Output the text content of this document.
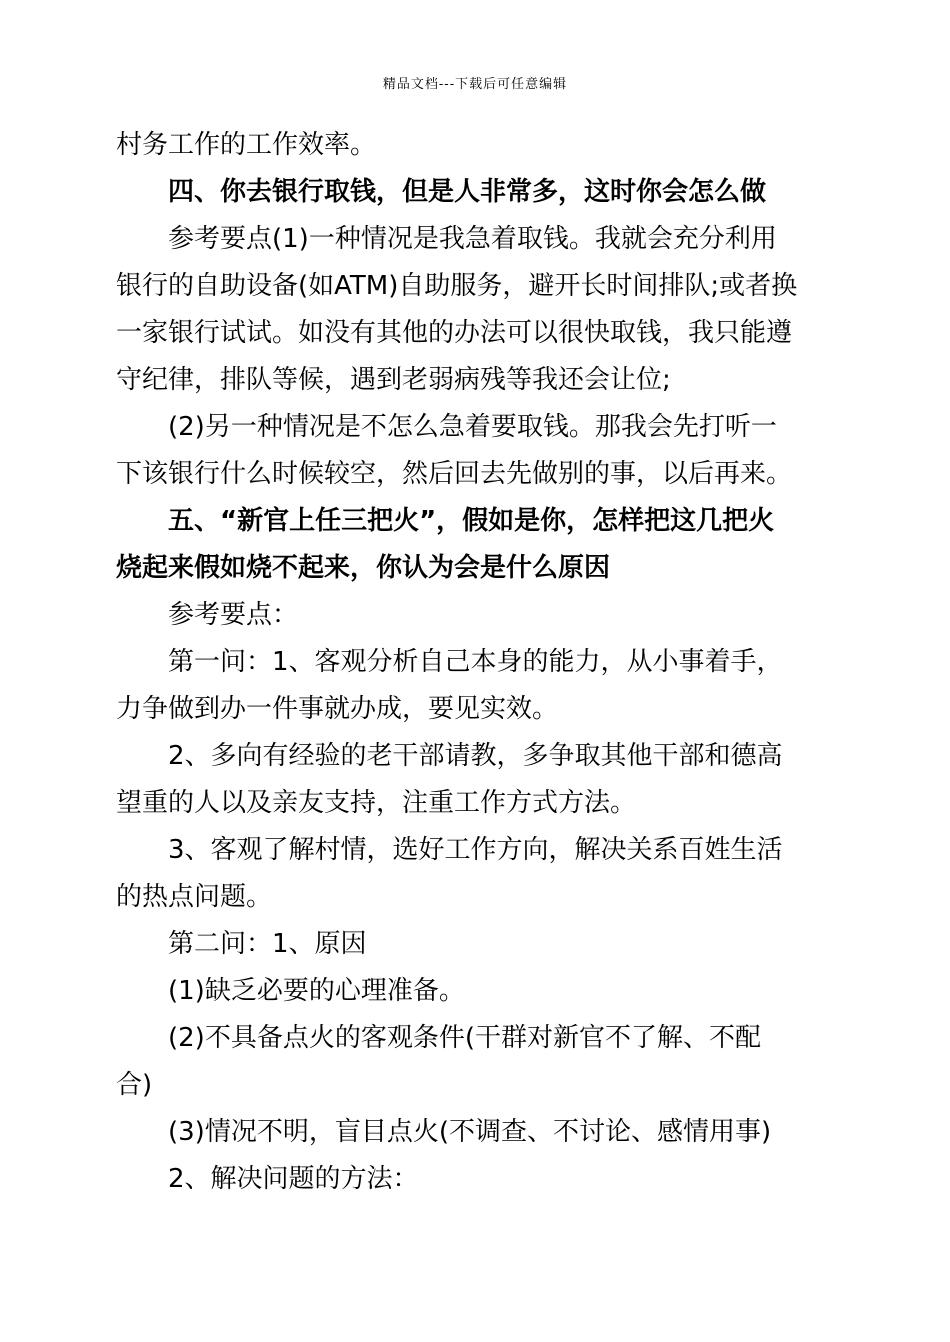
精品文档---下载后可任意编辑
村务工作的工作效率。
四、你去银行取钱，但是人非常多，这时你会怎么做
参考要点(1)一种情况是我急着取钱。我就会充分利用
银行的自助设备(如ATM)自助服务，避开长时间排队;或者换
一家银行试试。如没有其他的办法可以很快取钱，我只能遵
守纪律，排队等候，遇到老弱病残等我还会让位;
(2)另一种情况是不怎么急着要取钱。那我会先打听一
下该银行什么时候较空，然后回去先做别的事，以后再来。
五、“新官上任三把火”，假如是你，怎样把这几把火
烧起来假如烧不起来，你认为会是什么原因
参考要点：
第一问：1、客观分析自己本身的能力，从小事着手，
力争做到办一件事就办成，要见实效。
2、多向有经验的老干部请教，多争取其他干部和德高
望重的人以及亲友支持，注重工作方式方法。
3、客观了解村情，选好工作方向，解决关系百姓生活
的热点问题。
第二问：1、原因
(1)缺乏必要的心理准备。
(2)不具备点火的客观条件(干群对新官不了解、不配
合)
(3)情况不明，盲目点火(不调查、不讨论、感情用事)
2、解决问题的方法：
